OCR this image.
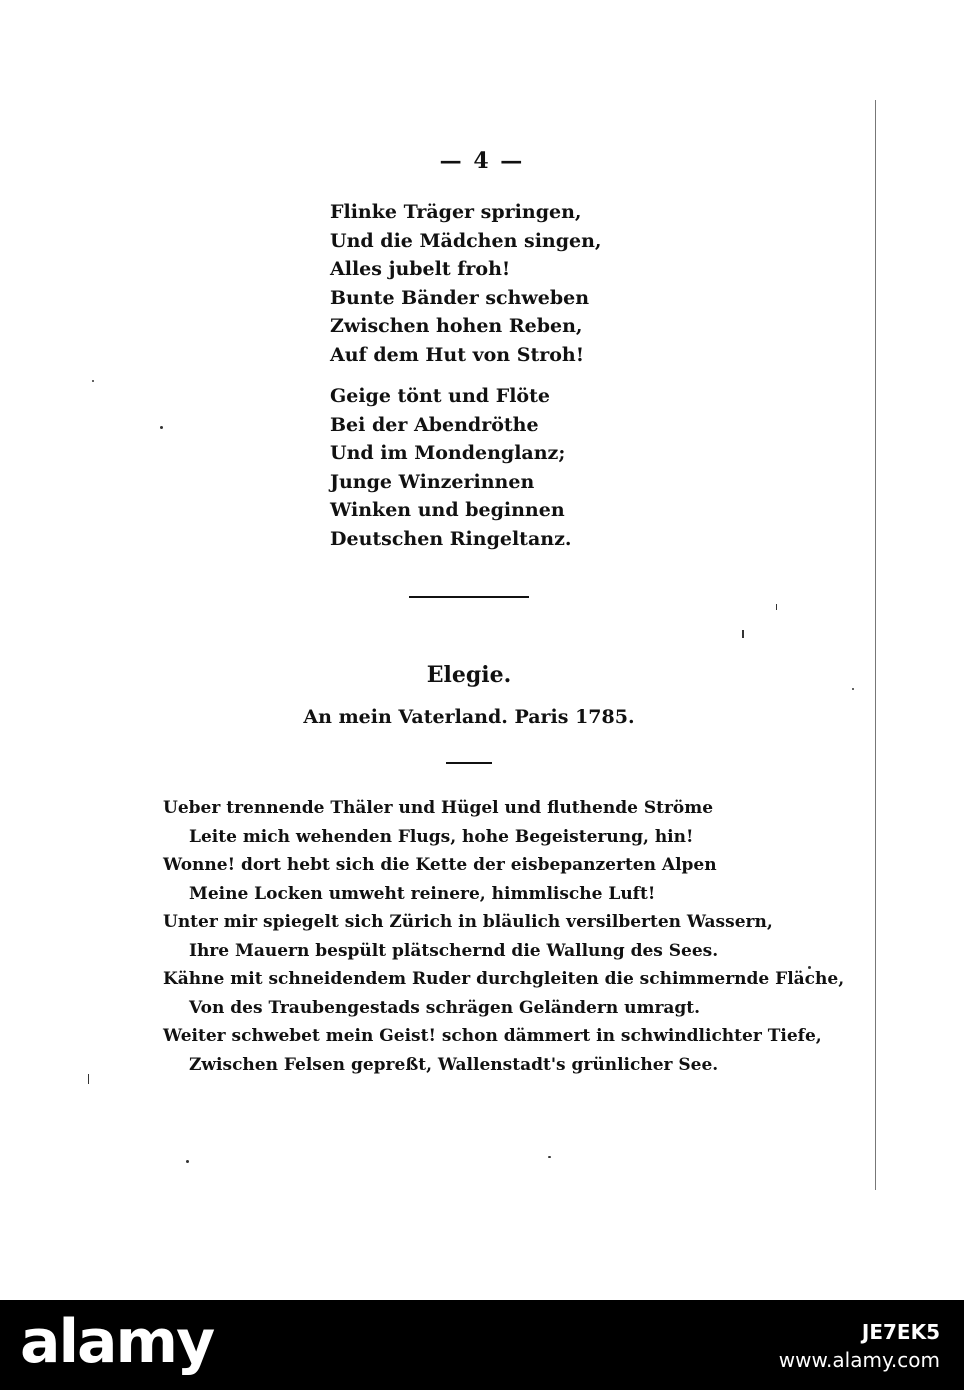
— 4 —
Flinke Träger springen,
Und die Mädchen singen,
Alles jubelt froh!
Bunte Bänder schweben
Zwischen hohen Reben,
Auf dem Hut von Stroh!
Geige tönt und Flöte
Bei der Abendröthe
Und im Mondenglanz;
Junge Winzerinnen
Winken und beginnen
Deutschen Ringeltanz.
Elegie.
An mein Vaterland. Paris 1785.
Ueber trennende Thäler und Hügel und fluthende Ströme
Leite mich wehenden Flugs, hohe Begeisterung, hin!
Wonne! dort hebt sich die Kette der eisbepanzerten Alpen
Meine Locken umweht reinere, himmlische Luft!
Unter mir spiegelt sich Zürich in bläulich versilberten Wassern,
Ihre Mauern bespült plätschernd die Wallung des Sees.
Kähne mit schneidendem Ruder durchgleiten die schimmernde Fläche,
Von des Traubengestads schrägen Geländern umragt.
Weiter schwebet mein Geist! schon dämmert in schwindlichter Tiefe,
Zwischen Felsen gepreßt, Wallenstadt's grünlicher See.
alamy	JE7EK5
www.alamy.com
